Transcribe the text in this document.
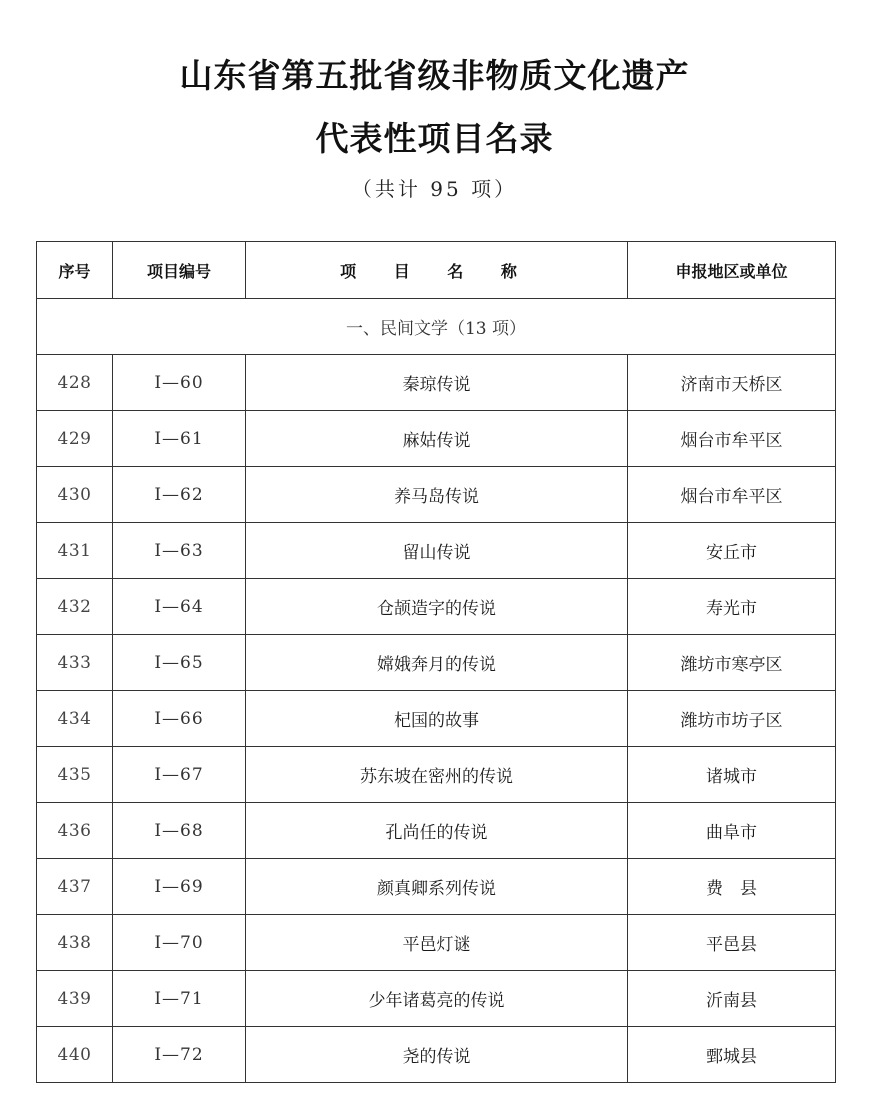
山东省第五批省级非物质文化遗产
代表性项目名录
（共计 95 项）
序号	项目编号	项 目 名 称	申报地区或单位
一、民间文学（13 项）			
428	I—60	秦琼传说	济南市天桥区
429	I—61	麻姑传说	烟台市牟平区
430	I—62	养马岛传说	烟台市牟平区
431	I—63	留山传说	安丘市
432	I—64	仓颉造字的传说	寿光市
433	I—65	嫦娥奔月的传说	潍坊市寒亭区
434	I—66	杞国的故事	潍坊市坊子区
435	I—67	苏东坡在密州的传说	诸城市
436	I—68	孔尚任的传说	曲阜市
437	I—69	颜真卿系列传说	费　县
438	I—70	平邑灯谜	平邑县
439	I—71	少年诸葛亮的传说	沂南县
440	I—72	尧的传说	鄄城县
